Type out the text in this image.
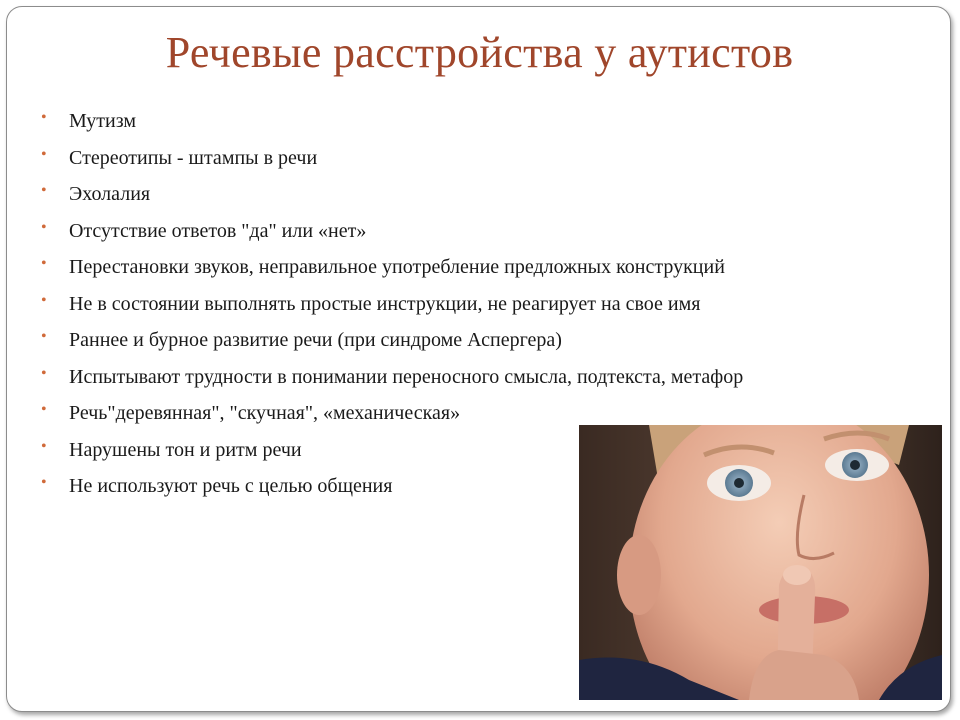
Речевые расстройства у аутистов
• Мутизм
• Стереотипы - штампы в речи
• Эхолалия
• Отсутствие ответов "да" или «нет»
• Перестановки звуков, неправильное употребление предложных конструкций
• Не в состоянии выполнять простые инструкции, не реагирует на свое имя
• Раннее и бурное развитие речи (при синдроме Аспергера)
• Испытывают трудности в понимании переносного смысла, подтекста, метафор
• Речь"деревянная", "скучная", «механическая»
• Нарушены тон и ритм речи
• Не используют речь с целью общения
